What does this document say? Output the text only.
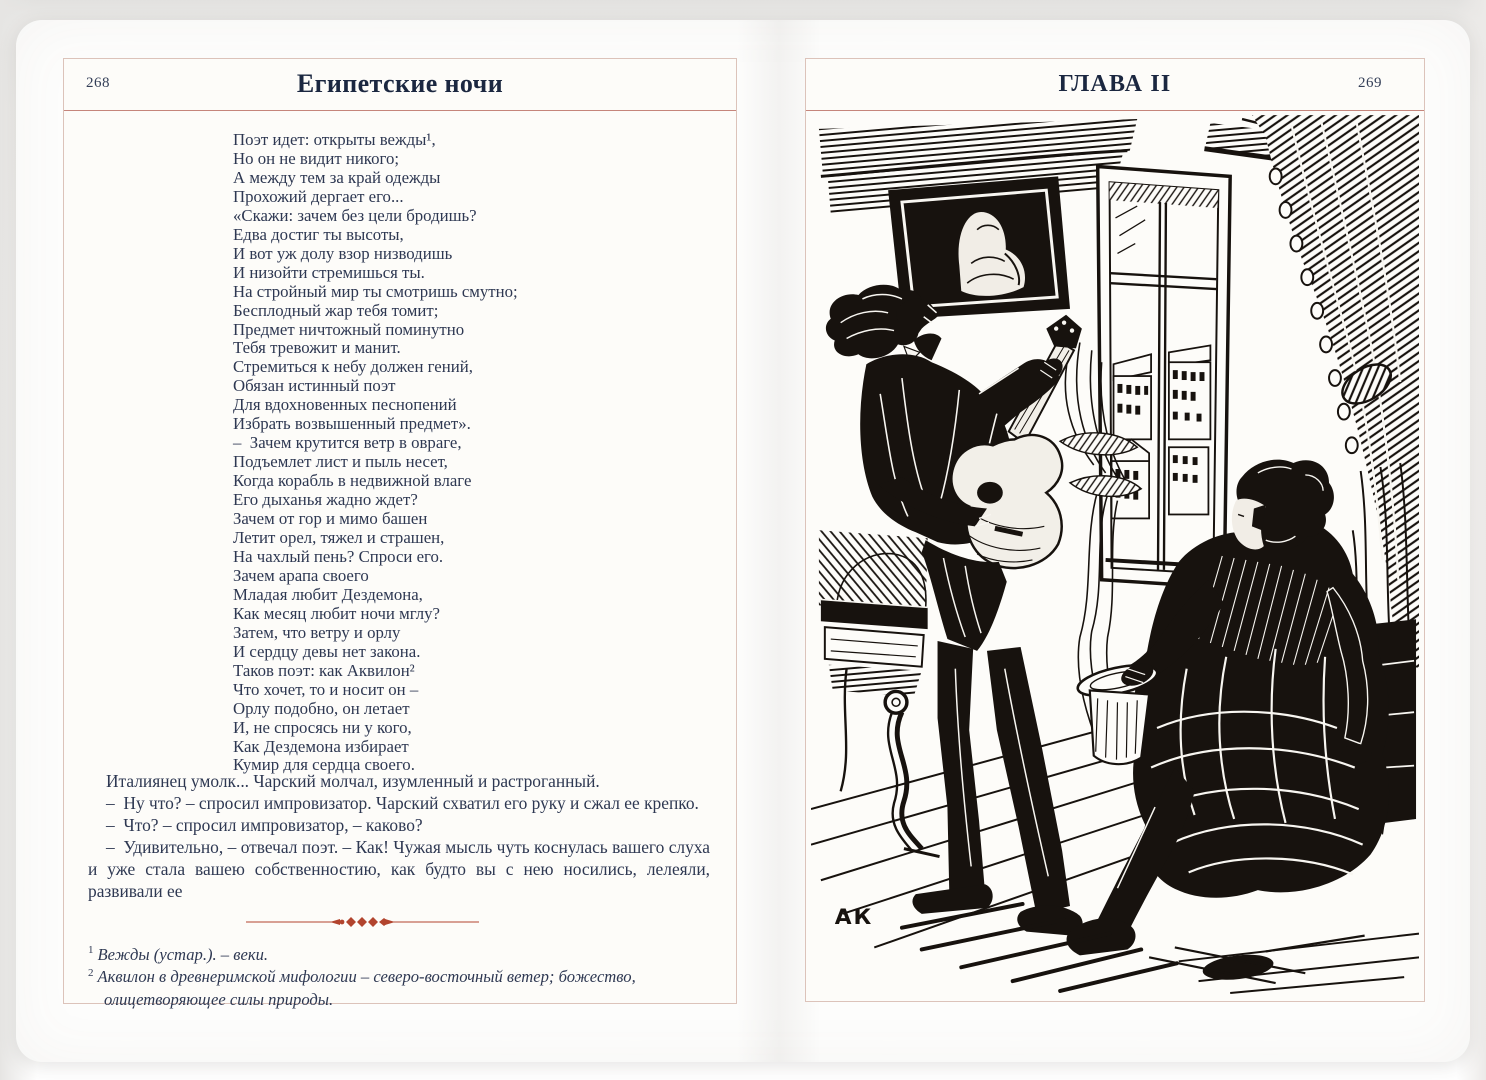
268	Египетские ночи
Поэт идет: открыты вежды¹,
Но он не видит никого;
А между тем за край одежды
Прохожий дергает его...
«Скажи: зачем без цели бродишь?
Едва достиг ты высоты,
И вот уж долу взор низводишь
И низойти стремишься ты.
На стройный мир ты смотришь смутно;
Бесплодный жар тебя томит;
Предмет ничтожный поминутно
Тебя тревожит и манит.
Стремиться к небу должен гений,
Обязан истинный поэт
Для вдохновенных песнопений
Избрать возвышенный предмет».
– Зачем крутится ветр в овраге,
Подъемлет лист и пыль несет,
Когда корабль в недвижной влаге
Его дыханья жадно ждет?
Зачем от гор и мимо башен
Летит орел, тяжел и страшен,
На чахлый пень? Спроси его.
Зачем арапа своего
Младая любит Дездемона,
Как месяц любит ночи мглу?
Затем, что ветру и орлу
И сердцу девы нет закона.
Таков поэт: как Аквилон²
Что хочет, то и носит он –
Орлу подобно, он летает
И, не спросясь ни у кого,
Как Дездемона избирает
Кумир для сердца своего.

Италиянец умолк... Чарский молчал, изумленный и растроганный.

– Ну что? – спросил импровизатор. Чарский схватил его руку и сжал ее крепко.

– Что? – спросил импровизатор, – каково?

– Удивительно, – отвечал поэт. – Как! Чужая мысль чуть коснулась вашего слуха и уже стала вашею собственностию, как будто вы с нею носились, лелеяли, развивали ее

$^1$ Вежды (устар.). – веки.
$^2$ Аквилон в древнеримской мифологии – северо-восточный ветер; божество, олицетворяющее силы природы.
ГЛАВА II	269
АК
